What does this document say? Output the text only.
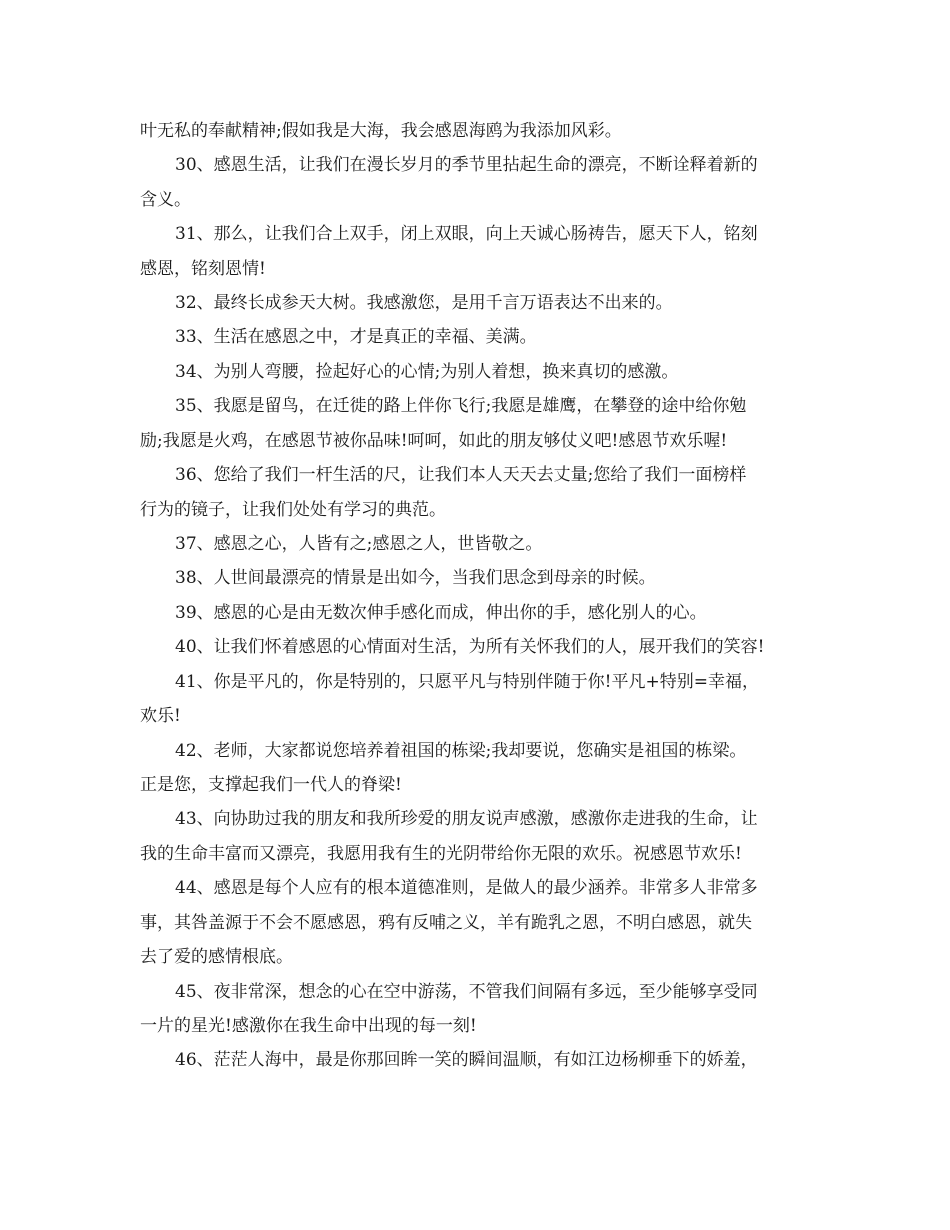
叶无私的奉献精神;假如我是大海，我会感恩海鸥为我添加风彩。
30、感恩生活，让我们在漫长岁月的季节里拈起生命的漂亮，不断诠释着新的
含义。
31、那么，让我们合上双手，闭上双眼，向上天诚心肠祷告，愿天下人，铭刻
感恩，铭刻恩情!
32、最终长成参天大树。我感激您，是用千言万语表达不出来的。
33、生活在感恩之中，才是真正的幸福、美满。
34、为别人弯腰，捡起好心的心情;为别人着想，换来真切的感激。
35、我愿是留鸟，在迁徙的路上伴你飞行;我愿是雄鹰，在攀登的途中给你勉
励;我愿是火鸡，在感恩节被你品味!呵呵，如此的朋友够仗义吧!感恩节欢乐喔!
36、您给了我们一杆生活的尺，让我们本人天天去丈量;您给了我们一面榜样
行为的镜子，让我们处处有学习的典范。
37、感恩之心，人皆有之;感恩之人，世皆敬之。
38、人世间最漂亮的情景是出如今，当我们思念到母亲的时候。
39、感恩的心是由无数次伸手感化而成，伸出你的手，感化别人的心。
40、让我们怀着感恩的心情面对生活，为所有关怀我们的人，展开我们的笑容!
41、你是平凡的，你是特别的，只愿平凡与特别伴随于你!平凡+特别=幸福，
欢乐!
42、老师，大家都说您培养着祖国的栋梁;我却要说，您确实是祖国的栋梁。
正是您，支撑起我们一代人的脊梁!
43、向协助过我的朋友和我所珍爱的朋友说声感激，感激你走进我的生命，让
我的生命丰富而又漂亮，我愿用我有生的光阴带给你无限的欢乐。祝感恩节欢乐!
44、感恩是每个人应有的根本道德准则，是做人的最少涵养。非常多人非常多
事，其咎盖源于不会不愿感恩，鸦有反哺之义，羊有跪乳之恩，不明白感恩，就失
去了爱的感情根底。
45、夜非常深，想念的心在空中游荡，不管我们间隔有多远，至少能够享受同
一片的星光!感激你在我生命中出现的每一刻!
46、茫茫人海中，最是你那回眸一笑的瞬间温顺，有如江边杨柳垂下的娇羞，
